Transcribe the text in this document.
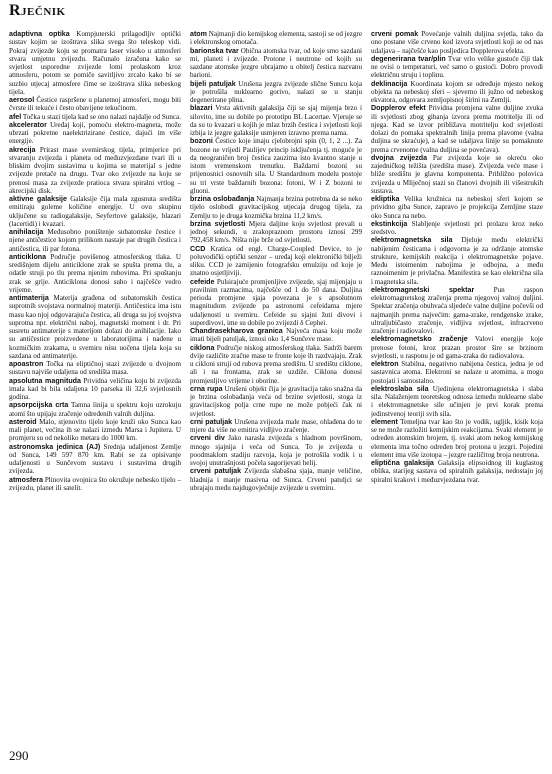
Rječnik

adaptivna optika Kompjuterski prilagodljiv optički sustav kojim se izoštrava slika svega što teleskop vidi. Pokraj zvijezde koju se promatra laser visoko u atmosferi stvara umjetnu zvijezdu. Računalo izračuna kako se svjetlost usporedne zvijezde lomi prolaskom kroz atmosferu, potom se pomiče savitljivo zrcalo kako bi se suzbio utjecaj atmosfere čime se izoštrava slika nebeskog tijela.

aerosol Čestice raspršene u planetnoj atmosferi, mogu biti čvrste ili tekuće i često obavijene tekućinom.

afel Točka u stazi tijela kad se ono nalazi najdalje od Sunca.

akcelerator Uređaj koji, pomoću elektro-magneta, može ubrzati pokretne naelektrizirane čestice, dajući im više energije.

akrecija Prirast mase svemirskog tijela, primjerice pri stvaranju zvijezda i planeta od međuzvjezdane tvari ili u bliskim dvojim sustavima u kojima se materijal s jedne zvijezde pretače na drugu. Tvar oko zvijezde na koju se prenosi masa za zvijezde pratioca stvara spiralni vrtlog – akrecijski disk.

aktivne galaksije Galaksije čija mala zgusnuta središta emitiraju goleme količine energije. U ovu skupinu uključene su radiogalaksije, Seyfertove galaksije, blazari (lacertidi) i kvazari.

anihilacija Međusobno poništenje subatomske čestice i njene antičestice kojom prilikom nastaje par drugih čestica i antičestica, ili par fotona.

anticiklona Područje povišenog atmosferskog tlaka. U središnjem dijelu anticiklone zrak se spušta prema tlu, a odatle struji po tlu prema njenim rubovima. Pri spuštanju zrak se grije. Anticiklona donosi suho i najčešće vedro vrijeme.

antimaterija Materija građena od subatomskih čestica suprotnih svojstava normalnoj materiji. Antičestica ima istu masu kao njoj odgovarajuća čestica, ali druga su joj svojstva suprotna npr. električni naboj, magnetski moment i dr. Pri susretu antimaterije s materijom dolazi do anihilacije. Iako su antičestice proizvedene u laboratorijima i nađene u kozmičkim zrakama, u svemiru nisu uočena tijela koja su sazdana od antimaterije.

apoastron Točka na eliptičnoj stazi zvijezde u dvojnom sustavu najviše udaljena od središta masa.

apsolutna magnituda Prividna veličina koju bi zvijezda imala kad bi bila udaljena 10 parseka ili 32,6 svjetlosnih godina.

apsorpcijska crta Tamna linija u spektru koju uzrokuju atomi što upijaju zračenje određenih valnih duljina.

asteroid Malo, stjenovito tijelo koje kruži oko Sunca kao mali planet, većina ih se nalazi između Marsa i Jupitera. U promjeru su od nekoliko metara do 1000 km.

astronomska jedinica (AJ) Srednja udaljenost Zemlje od Sunca, 149 597 870 km. Rabi se za opisivanje udaljenosti u Sunčevom sustavu i sustavima drugih zvijezda.

atmosfera Plinovita ovojnica što okružuje nebesko tijelo – zvijezdu, planet ili satelit.

atom Najmanji dio kemijskog elementa, sastoji se od jezgre i elektronskog omotača.

barionska tvar Obična atomska tvar, od koje smo sazdani mi, planeti i zvijezde. Protone i neutrone od kojih su sazdane atomske jezgre ubrajamo u obitelj čestica nazvanu barioni.

bijeli patuljak Urušena jezgra zvijezde slične Suncu koja je potrošila nuklearno gorivo, nalazi se u stanju degenerirane plina.

blazari Vrsta aktivnih galaksija čiji se sjaj mijenja brzo i silovito, ime su dobile po prototipu BL Lacertae. Vjeruje se da su to kvazari u kojih je mlaz brzih čestica i svjetlosti koji izbija iz jezgre galaksije usmjeren izravno prema nama.

bozoni Čestice koje imaju cjelobrojni spin (0, 1, 2 ...). Za bozone ne vrijedi Paulijev princip isključenja tj. moguće je da neograničen broj čestica zauzima isto kvantno stanje u istom vremenskom trenutku. Baždarni bozoni su prijenosnici osnovnih sila. U Standardnom modelu postoje su tri vrste baždarnih bozona: fotoni, W i Z bozoni te gluoni.

brzina oslobađanja Najmanja brzina potrebna da se neko tijelo oslobodi gravitacijskog utjecaja drugog tijela, za Zemlju to je druga kozmička brzina 11,2 km/s.

brzina svjetlosti Mjera daljine koju svjetlost prevali u jednoj sekundi, u zrakopraznom prostoru iznosi 299 792,458 km/s. Ništa nije brže od svjetlosti.

CCD Kratica od engl. Charge-Coupled Device, to je poluvodički optički senzor – uređaj koji elektronički bilježi sliku. CCD je zamijenio fotografsku emulziju od koje je znatno osjetljiviji.

cefeide Pulsirajuće promjenljive zvijezde, sjaj mijenjaju u pravilnim razmacima, najčešće od 1 do 50 dana. Duljina perioda promjene sjaja povezana je s apsolutnom magnitudom zvijezde pa astronomi cefeidama mjere udaljenosti u svemiru. Cefeide su sjajni žuti divovi i superdivovi, ime su dobile po zvijezdi δ Cephei.

Chandrasekharova granica Najveća masa koju može imati bijeli patuljak, iznosi oko 1,4 Sunčeve mase.

ciklona Područje niskog atmosferskog tlaka. Sadrži barem dvije različite zračne mase te fronte koje ih razdvajaju. Zrak u cikloni struji od rubova prema središtu. U središtu ciklone, ali i na frontama, zrak se uzdiže. Ciklona donosi promjenljivo vrijeme i oborine.

crna rupa Urušeni objekt čija je gravitacija tako snažna da je brzina oslobađanja veća od brzine svjetlosti, stoga iz gravitacijskog polja crne rupe ne može pobjeći čak ni svjetlost.

crni patuljak Urušena zvijezda male mase, ohlađena do te mjere da više ne emitira vidljivo zračenje.

crveni div Jako narasla zvijezda s hladnom površinom, mnogo sjajnija i veća od Sunca. To je zvijezda u poodmaklom stadiju razvoja, koja je potrošila vodik i u svojoj unutrašnjosti počela sagorijevati helij.

crveni patuljak Zvijezda slabašna sjaja, manje veličine, hladnija i manje masivna od Sunca. Crveni patuljci se ubrajaju među najdugovječnije zvijezde u svemiru.

crveni pomak Povećanje valnih duljina svjetla, tako da ono postane više crveno kod izvora svjetlosti koji se od nas udaljava – najčešće kao posljedica Dopplerova efekta.

degenerirana tvar/plin Tvar vrlo velike gustoće čiji tlak ne ovisi o temperaturi, već samo o gustoći. Dobro provodi električnu struju i toplinu.

deklinacija Koordinata kojom se određuje mjesto nekog objekta na nebeskoj sferi – sjeverno ili južno od nebeskog ekvatora, odgovara zemljopisnoj širini na Zemlji.

Dopplerov efekt Prividna promjena valne duljine zvuka ili svjetlosti zbog gibanja izvora prema motritelju ili od njega. Kad se izvor približava motritelju kod svjetlosti dolazi do pomaka spektralnih linija prema plavome (valna duljina se skraćuje), a kad se udaljava linije su pomaknute prema crvenome (valna duljina se povećava).

dvojna zvijezda Par zvijezda koje se okreću oko zajedničkog težišta (središta mase). Zvijezda veće mase i bliže središtu je glavna komponenta. Približno polovica zvijezda u Mliječnoj stazi su članovi dvojnih ili višestrukih sustava.

ekliptika Velika kružnica na nebeskoj sferi kojom se prividno giba Sunce, zapravo je projekcija Zemljine staze oko Sunca na nebo.

ekstinkcija Slabljenje svjetlosti pri prolazu kroz neko sredstvo.

elektromagnetska sila Djeluje među električki nabijenim česticama i odgovorna je za održanje atomske strukture, kemijskih reakcija i elektromagnetske pojave. Među istoimenim nabojima je odbojna, a među raznoimenim je privlačna. Manifestira se kao električna sila i magnetska sila.

elektromagnetski spektar	Pun raspon elektromagnetskog zračenja prema njegovoj valnoj duljini. Spektar zračenja obuhvaća sljedeće valne duljine počevši od najmanjih prema najvećim: gama-zrake, rendgenske zrake, ultraljubičasto zračenje, vidljiva svjetlost, infracrveno zračenje i radiovalovi.

elektromagnetsko zračenje Valovi energije koje prenose fotoni, kroz prazan prostor šire se brzinom svjetlosti, u rasponu je od gama-zraka do radiovalova.

elektron Stabilna, negativno nabijena čestica, jedna je od sastavnica atoma. Elektroni se nalaze u atomima, a mogu postojati i samostalno.

elektroslaba sila Ujedinjena elektromagnetska i slaba sila. Nalaženjem teoretskog odnosa između nuklearne slabe i elektromagnetske sile učinjen je prvi korak prema jedinstvenoj teoriji svih sila.

element Temeljna tvar kao što je vodik, ugljik, kisik koja se ne može razložiti kemijskim reakcijama. Svaki element je određen atomskim brojem, tj. svaki atom nekog kemijskog elementa ima točno određen broj protona u jezgri. Pojedini element ima više izotopa – jezgre različitog broja neutrona.

eliptična galaksija Galaksija elipsoidnog ili kuglastog oblika, starijeg sastava od spiralnih galaksija, nedostaju joj spiralni krakovi i međuzvjezdana tvar.

290
